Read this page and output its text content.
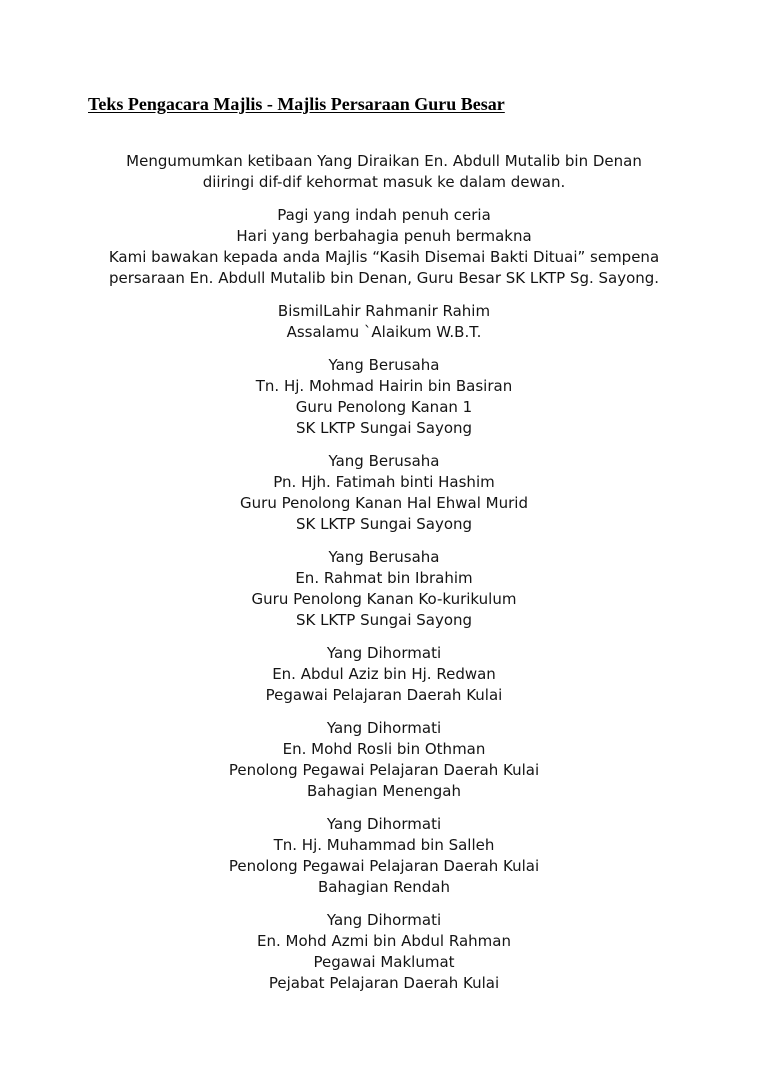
Teks Pengacara Majlis - Majlis Persaraan Guru Besar
Mengumumkan ketibaan Yang Diraikan En. Abdull Mutalib bin Denan
diiringi dif-dif kehormat masuk ke dalam dewan.
Pagi yang indah penuh ceria
Hari yang berbahagia penuh bermakna
Kami bawakan kepada anda Majlis “Kasih Disemai Bakti Dituai” sempena
persaraan En. Abdull Mutalib bin Denan, Guru Besar SK LKTP Sg. Sayong.
BismilLahir Rahmanir Rahim
Assalamu `Alaikum W.B.T.
Yang Berusaha
Tn. Hj. Mohmad Hairin bin Basiran
Guru Penolong Kanan 1
SK LKTP Sungai Sayong
Yang Berusaha
Pn. Hjh. Fatimah binti Hashim
Guru Penolong Kanan Hal Ehwal Murid
SK LKTP Sungai Sayong
Yang Berusaha
En. Rahmat bin Ibrahim
Guru Penolong Kanan Ko-kurikulum
SK LKTP Sungai Sayong
Yang Dihormati
En. Abdul Aziz bin Hj. Redwan
Pegawai Pelajaran Daerah Kulai
Yang Dihormati
En. Mohd Rosli bin Othman
Penolong Pegawai Pelajaran Daerah Kulai
Bahagian Menengah
Yang Dihormati
Tn. Hj. Muhammad bin Salleh
Penolong Pegawai Pelajaran Daerah Kulai
Bahagian Rendah
Yang Dihormati
En. Mohd Azmi bin Abdul Rahman
Pegawai Maklumat
Pejabat Pelajaran Daerah Kulai
